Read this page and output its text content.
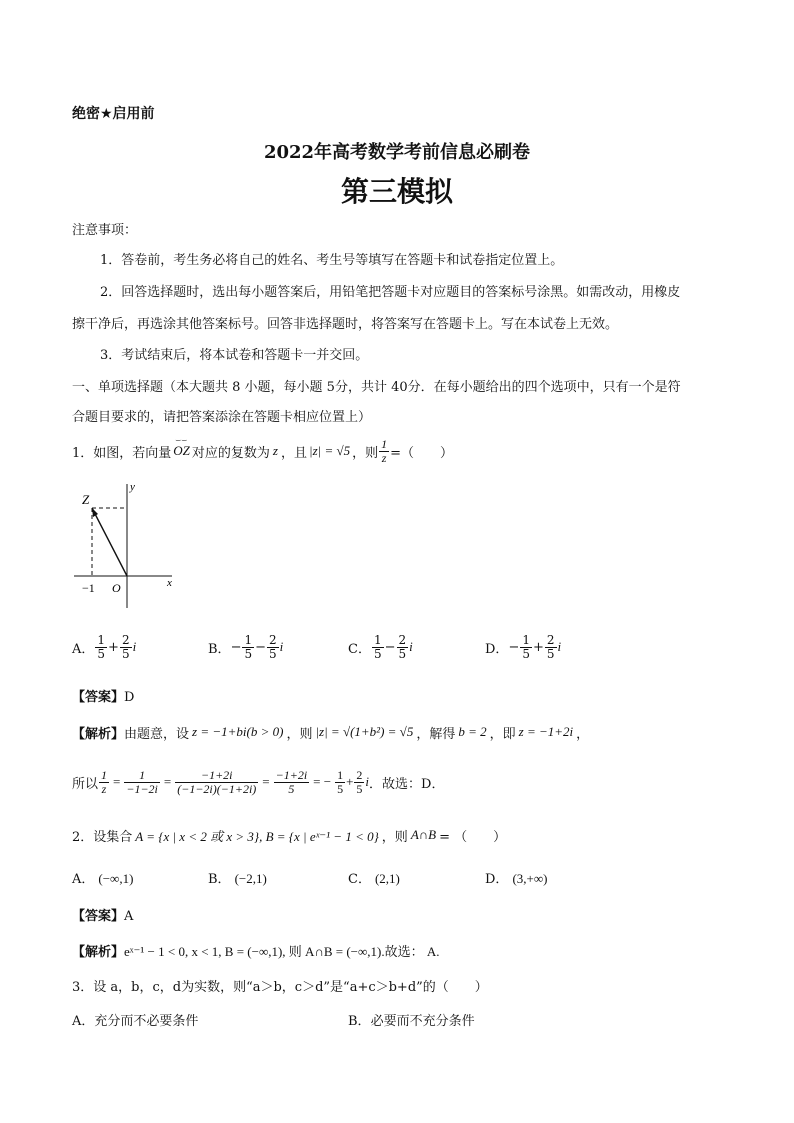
绝密★启用前
2022年高考数学考前信息必刷卷
第三模拟
注意事项：
1．答卷前，考生务必将自己的姓名、考生号等填写在答题卡和试卷指定位置上。
2．回答选择题时，选出每小题答案后，用铅笔把答题卡对应题目的答案标号涂黑。如需改动，用橡皮
擦干净后，再选涂其他答案标号。回答非选择题时，将答案写在答题卡上。写在本试卷上无效。
3．考试结束后，将本试卷和答题卡一并交回。
一、单项选择题（本大题共 8 小题，每小题 5分，共计 40分．在每小题给出的四个选项中，只有一个是符
合题目要求的，请把答案添涂在答题卡相应位置上）
1．如图，若向量
⌣⌣
OZ 对应的复数为 z ，且 |z| = √5 ，则 $\frac{1}{z}$ =（　　）
Z
y
x
O
−1
A． $\frac{1}{5} + \frac{2}{5}$ i	B． − $\frac{1}{5} - \frac{2}{5}$ i	C． $\frac{1}{5} - \frac{2}{5}$ i	D． − $\frac{1}{5} + \frac{2}{5}$ i
【答案】D
【解析】 由题意，设 z = −1+bi(b > 0) ，则 |z| = √(1+b²) = √5 ，解得 b = 2 ，即 z = −1+2i ，
所以 $\frac{1}{z} = \frac{1}{-1-2i} = \frac{-1+2i}{(-1-2i)(-1+2i)} = \frac{-1+2i}{5}$ = − $\frac{1}{5} + \frac{2}{5}$ i ．故选：D．
2．设集合 A = {x | x < 2 或 x > 3}, B = {x | eˣ⁻¹ − 1 < 0} ，则 A∩B = （　　）
A． (−∞,1)	B． (−2,1)	C． (2,1)	D． (3,+∞)
【答案】A
【解析】eˣ⁻¹ − 1 < 0, x < 1, B = (−∞,1), 则 A∩B = (−∞,1).故选： A.
3．设 a，b，c，d为实数，则“a＞b，c＞d”是“a+c＞b+d”的（　　）
A．充分而不必要条件	B．必要而不充分条件
